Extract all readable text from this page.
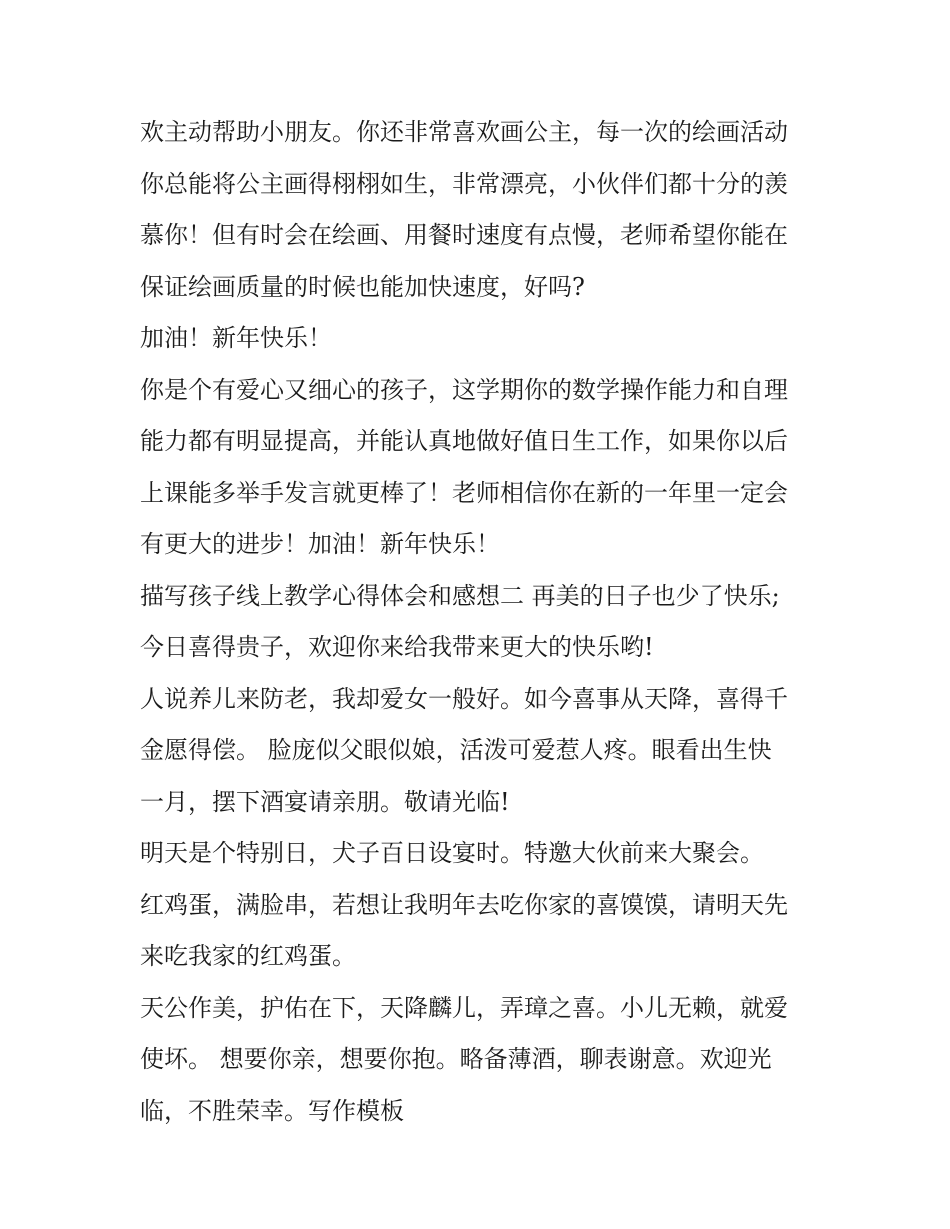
欢主动帮助小朋友。你还非常喜欢画公主，每一次的绘画活动
你总能将公主画得栩栩如生，非常漂亮，小伙伴们都十分的羡
慕你！但有时会在绘画、用餐时速度有点慢，老师希望你能在
保证绘画质量的时候也能加快速度，好吗?
加油！新年快乐！
你是个有爱心又细心的孩子，这学期你的数学操作能力和自理
能力都有明显提高，并能认真地做好值日生工作，如果你以后
上课能多举手发言就更棒了！老师相信你在新的一年里一定会
有更大的进步！加油！新年快乐！
描写孩子线上教学心得体会和感想二 再美的日子也少了快乐;
今日喜得贵子，欢迎你来给我带来更大的快乐哟!
人说养儿来防老，我却爱女一般好。如今喜事从天降，喜得千
金愿得偿。 脸庞似父眼似娘，活泼可爱惹人疼。眼看出生快
一月，摆下酒宴请亲朋。敬请光临!
明天是个特别日，犬子百日设宴时。特邀大伙前来大聚会。
红鸡蛋，满脸串，若想让我明年去吃你家的喜馍馍，请明天先
来吃我家的红鸡蛋。
天公作美，护佑在下，天降麟儿，弄璋之喜。小儿无赖，就爱
使坏。 想要你亲，想要你抱。略备薄酒，聊表谢意。欢迎光
临，不胜荣幸。写作模板
